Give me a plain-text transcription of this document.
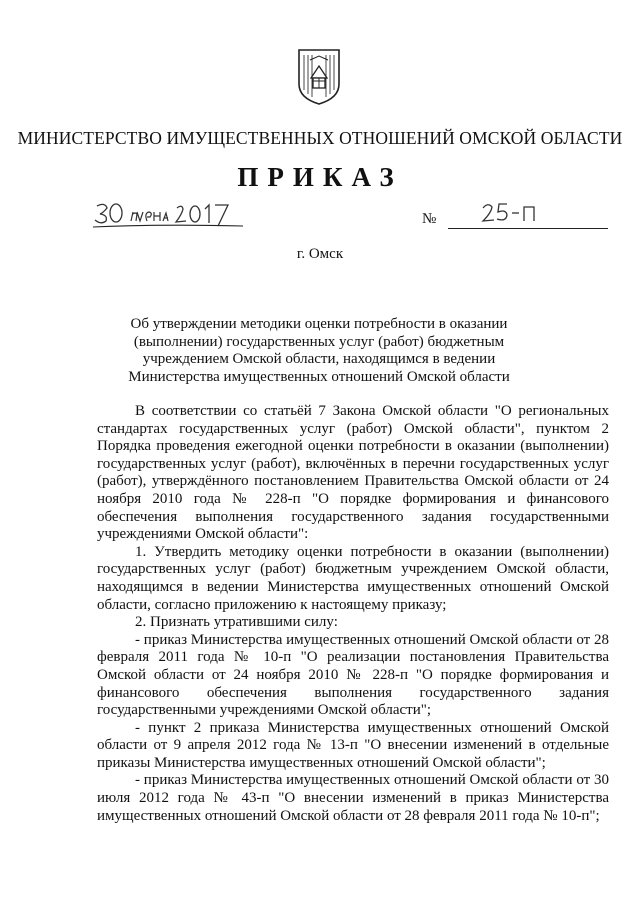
МИНИСТЕРСТВО ИМУЩЕСТВЕННЫХ ОТНОШЕНИЙ ОМСКОЙ ОБЛАСТИ
ПРИКАЗ
№
г. Омск
Об утверждении методики оценки потребности в оказании (выполнении) государственных услуг (работ) бюджетным учреждением Омской области, находящимся в ведении Министерства имущественных отношений Омской области

В соответствии со статьёй 7 Закона Омской области "О региональных стандартах государственных услуг (работ) Омской области", пунктом 2 Порядка проведения ежегодной оценки потребности в оказании (выполнении) государственных услуг (работ), включённых в перечни государственных услуг (работ), утверждённого постановлением Правительства Омской области от 24 ноября 2010 года № 228-п "О порядке формирования и финансового обеспечения выполнения государственного задания государственными учреждениями Омской области":

1. Утвердить методику оценки потребности в оказании (выполнении) государственных услуг (работ) бюджетным учреждением Омской области, находящимся в ведении Министерства имущественных отношений Омской области, согласно приложению к настоящему приказу;

2. Признать утратившими силу:

- приказ Министерства имущественных отношений Омской области от 28 февраля 2011 года № 10-п "О реализации постановления Правительства Омской области от 24 ноября 2010 № 228-п "О порядке формирования и финансового обеспечения выполнения государственного задания государственными учреждениями Омской области";

- пункт 2 приказа Министерства имущественных отношений Омской области от 9 апреля 2012 года № 13-п "О внесении изменений в отдельные приказы Министерства имущественных отношений Омской области";

- приказ Министерства имущественных отношений Омской области от 30 июля 2012 года № 43-п "О внесении изменений в приказ Министерства имущественных отношений Омской области от 28 февраля 2011 года № 10-п";
